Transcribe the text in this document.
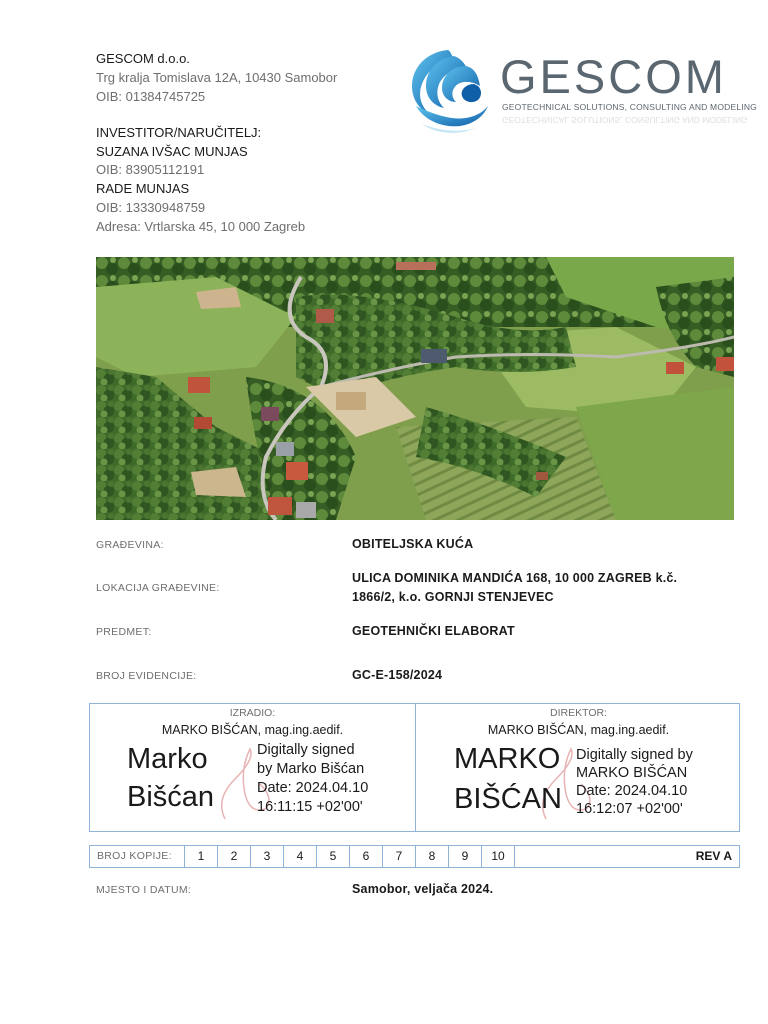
GESCOM d.o.o.
Trg kralja Tomislava 12A, 10430 Samobor
OIB: 01384745725	GESCOM
GEOTECHNICAL SOLUTIONS, CONSULTING AND MODELING
GEOTECHNICAL SOLUTIONS, CONSULTING AND MODELING
INVESTITOR/NARUČITELJ:
SUZANA IVŠAC MUNJAS
OIB: 83905112191
RADE MUNJAS
OIB: 13330948759
Adresa: Vrtlarska 45, 10 000 Zagreb
GRAĐEVINA:	OBITELJSKA KUĆA
LOKACIJA GRAĐEVINE:
ULICA DOMINIKA MANDIĆA 168, 10 000 ZAGREB k.č.
1866/2, k.o. GORNJI STENJEVEC
PREDMET:	GEOTEHNIČKI ELABORAT
BROJ EVIDENCIJE:	GC-E-158/2024
IZRADIO:
MARKO BIŠĆAN, mag.ing.aedif.
Marko
Bišćan
Digitally signed
by Marko Bišćan
Date: 2024.04.10
16:11:15 +02'00'
DIREKTOR:
MARKO BIŠĆAN, mag.ing.aedif.
MARKO
BIŠĆAN
Digitally signed by
MARKO BIŠĆAN
Date: 2024.04.10
16:12:07 +02'00'
BROJ KOPIJE:	1	2	3	4	5	6	7	8	9	10	REV A
MJESTO I DATUM:	Samobor, veljača 2024.
